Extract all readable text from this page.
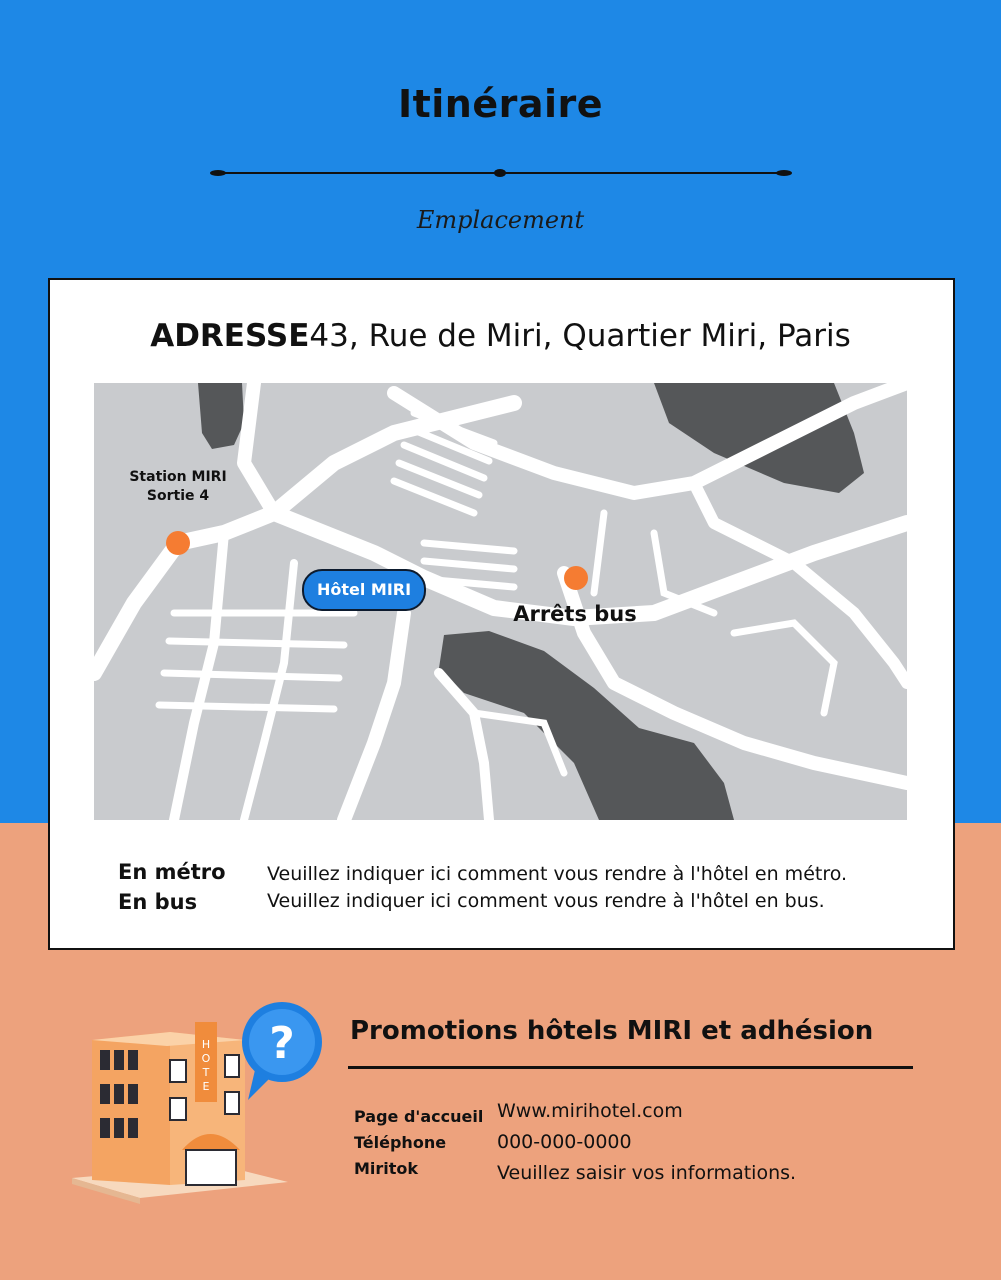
Itinéraire
Emplacement
ADRESSE43, Rue de Miri, Quartier Miri, Paris
Station MIRI
Sortie 4
Hôtel MIRI
Arrêts bus
En métro Veuillez indiquer ici comment vous rendre à l'hôtel en métro.
En bus	Veuillez indiquer ici comment vous rendre à l'hôtel en bus.
H
O
T
E
? Promotions hôtels MIRI et adhésion
Page d'accueil Www.mirihotel.com
Téléphone	000-000-0000
Miritok	Veuillez saisir vos informations.
